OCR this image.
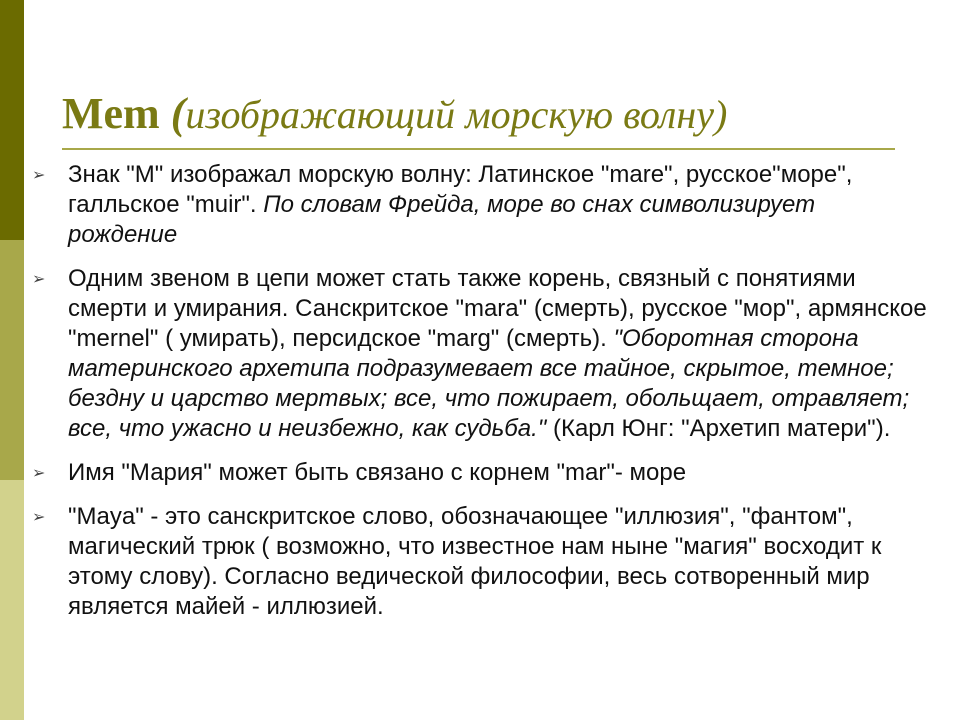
Mem (изображающий морскую волну)
➢ Знак "М" изображал морскую волну: Латинское "mare", русское"море", галльское "muir". По словам Фрейда, море во снах символизирует рождение
➢ Одним звеном в цепи может стать также корень, связный с понятиями смерти и умирания. Санскритское "mara" (смерть), русское "мор", армянское "mernel" ( умирать), персидское "marg" (смерть). "Оборотная сторона материнского архетипа подразумевает все тайное, скрытое, темное; бездну и царство мертвых; все, что пожирает, обольщает, отравляет; все, что ужасно и неизбежно, как судьба." (Карл Юнг: "Архетип матери").
➢ Имя "Мария" может быть связано с корнем "mar"- море
➢ "Maya" - это санскритское слово, обозначающее "иллюзия", "фантом", магический трюк ( возможно, что известное нам ныне "магия" восходит к этому слову). Согласно ведической философии, весь сотворенный мир является майей - иллюзией.
